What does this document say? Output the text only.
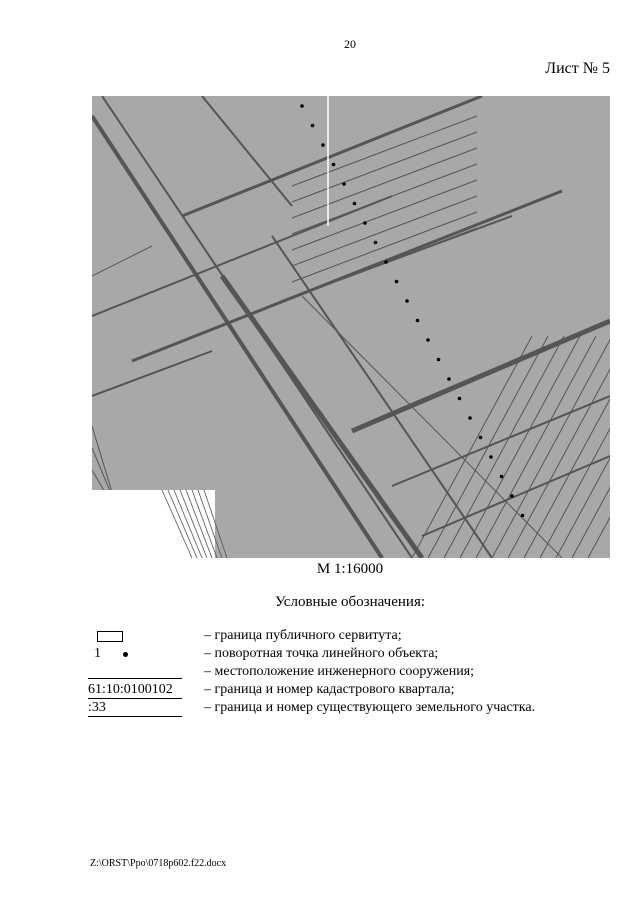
20
Лист № 5
М 1:16000
Условные обозначения:
– граница публичного сервитута;
1	– поворотная точка линейного объекта;
– местоположение инженерного сооружения;
61:10:0100102	– граница и номер кадастрового квартала;
:33	– граница и номер существующего земельного участка.
Z:\ORST\Ppo\0718p602.f22.docx
